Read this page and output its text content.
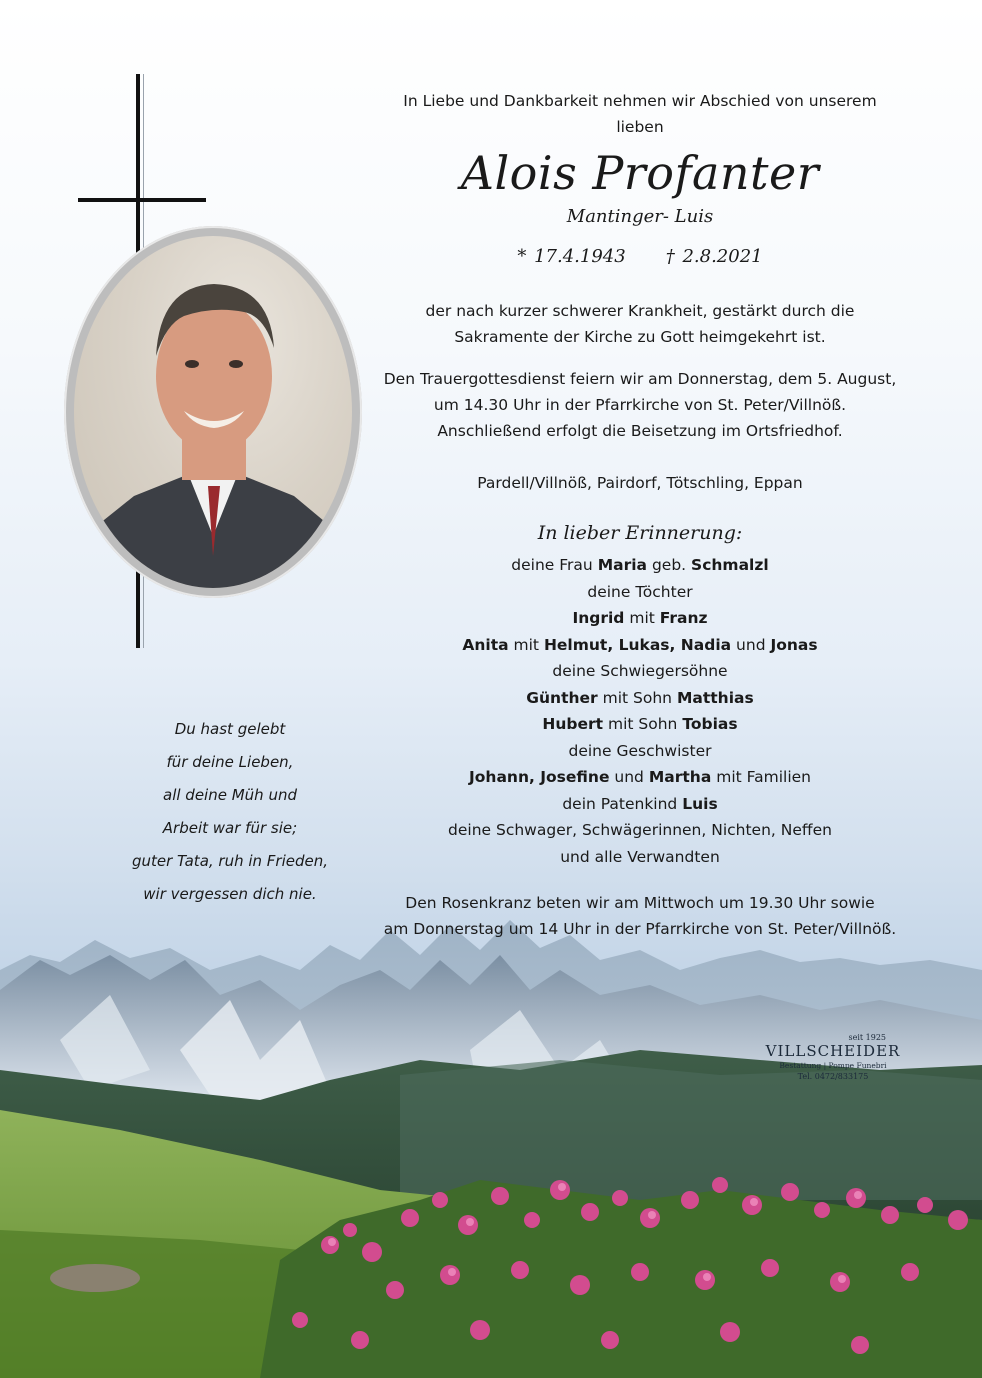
In Liebe und Dankbarkeit nehmen wir Abschied von unserem lieben
Alois Profanter
Mantinger- Luis
* 17.4.1943 † 2.8.2021
der nach kurzer schwerer Krankheit, gestärkt durch die
Sakramente der Kirche zu Gott heimgekehrt ist.
Den Trauergottesdienst feiern wir am Donnerstag, dem 5. August,
um 14.30 Uhr in der Pfarrkirche von St. Peter/Villnöß.
Anschließend erfolgt die Beisetzung im Ortsfriedhof.
Pardell/Villnöß, Pairdorf, Tötschling, Eppan
In lieber Erinnerung:
deine Frau Maria geb. Schmalzl
deine Töchter
Ingrid mit Franz
Anita mit Helmut, Lukas, Nadia und Jonas
deine Schwiegersöhne
Günther mit Sohn Matthias
Hubert mit Sohn Tobias
deine Geschwister
Johann, Josefine und Martha mit Familien
dein Patenkind Luis
deine Schwager, Schwägerinnen, Nichten, Neffen
und alle Verwandten
Den Rosenkranz beten wir am Mittwoch um 19.30 Uhr sowie
am Donnerstag um 14 Uhr in der Pfarrkirche von St. Peter/Villnöß.
Du hast gelebt
für deine Lieben,
all deine Müh und
Arbeit war für sie;
guter Tata, ruh in Frieden,
wir vergessen dich nie.
seit 1925
VILLSCHEIDER
Bestattung | Pompe Funebri
Tel. 0472/833175
